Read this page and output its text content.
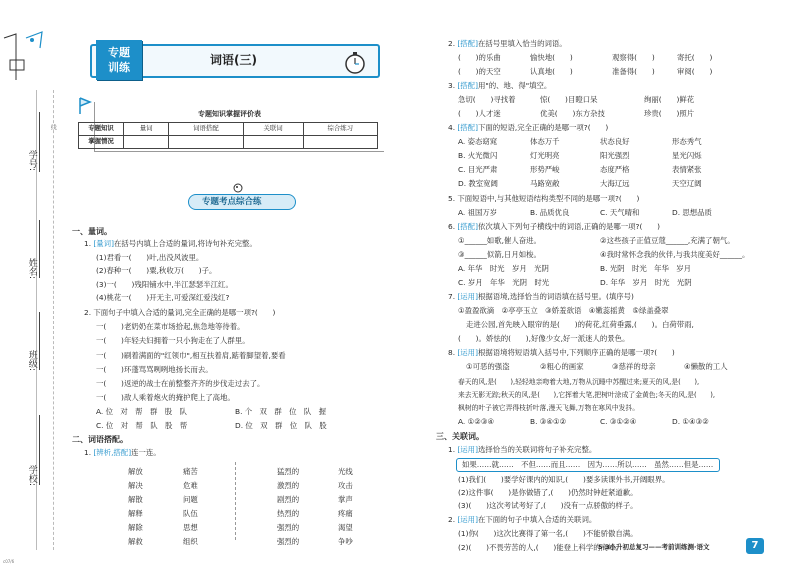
学号:
姓名:
班级:
学校:
线
c07/6
专题
训练
词语(三)
专题知识掌握评价表
专题知识	量词	词语搭配	关联词	综合练习
掌握情况				
专题考点综合练
一、量词。
1. [量词]在括号内填上合适的量词,将诗句补充完整。
(1)君看一(　　)叶,出没风波里。
(2)春种一(　　)粟,秋收万(　　)子。
(3)一(　　)残阳铺水中,半江瑟瑟半江红。
(4)桃花一(　　)开无主,可爱深红爱浅红?
2. 下面句子中填入合适的量词,完全正确的是哪一项?(　　)
一(　　)老奶奶在菜市场拾起,焦急地等待着。
一(　　)年轻夫妇拥着一只小狗走在了人群里。
一(　　)刷着满面的"红领巾",相互扶着肩,踮着脚望着,要看
一(　　)环蓬骂骂咧咧地扬长而去。
一(　　)返逆的战士在前整整齐齐的步伐走过去了。
一(　　)敌人乘着炮火的掩护爬上了高地。
A. 位　对　帮　群　股　队	B. 个　双　群　位　队　握
C. 位　对　帮　队　股　帮	D. 位　双　群　位　队　股
二、词语搭配。
1. [辨析,搭配]连一连。
解放
解决
解散
解释
解除
解救
痛苦
危难
问题
队伍
思想
组织
猛烈的
激烈的
剧烈的
热烈的
强烈的
强烈的
光线
攻击
掌声
疼痛
渴望
争吵
2. [搭配]在括号里填入恰当的词语。
(　　)的乐曲	愉快地(　　)	观察得(　　)	寄托(　　)
(　　)的天空	认真地(　　)	准备得(　　)	审阅(　　)
3. [搭配]用"的、地、得"填空。
急切(　　)寻找着	惊(　　)目瞪口呆	绚丽(　　)鲜花
(　　)人才迷	优美(　　)东方杂技	珍贵(　　)照片
4. [搭配]下面的短语,完全正确的是哪一项?(　　)
A. 姿态窈窕	体态万千	状态良好	形态秀气
B. 火光微闪	灯光明亮	阳光强烈	星光闪烁
C. 目光严肃	形势严峻	态度严格	表情紧张
D. 教室宽阔	马路宽敞	大海辽远	天空辽阔
5. 下面短语中,与其他短语结构类型不同的是哪一项?(　　)
A. 祖国万岁	B. 品质优良	C. 天气晴和	D. 思想品质
6. [搭配]依次填入下列句子横线中的词语,正确的是哪一项?(　　)
①______如歌,催人奋进。	②这些孩子正值豆蔻______,充满了朝气。
③______似箭,日月如梭。	④我时常怀念我的伙伴,与我共度美好______。
A. 年华　时光　岁月　光阴	B. 光阴　时光　年华　岁月
C. 岁月　年华　光阴　时光	D. 年华　岁月　时光　光阴
7. [运用]根据语境,选择恰当的词语填在括号里。(填序号)
①盈盈欲滴　②亭亭玉立　③娇羞欲语　④嫩蕊摇黄　⑤绿盖叠翠
走进公园,首先映入眼帘的是(　　)的荷花,红荷垂露,(　　)。白荷带雨,
(　　)。娇怯的(　　),好像少女,好一派迷人的景色。
8. [运用]根据语境将短语填入括号中,下列顺序正确的是哪一项?(　　)
①可恶的强盗	②粗心的画家	③慈祥的母亲	④懒散的工人
春天的风,是(　　),轻轻地亲吻着大地,万物从沉睡中苏醒过来;夏天的风,是(　　),
来去无影无踪;秋天的风,是(　　),它挥着大笔,把树叶涂成了金黄色;冬天的风,是(　　),
枫树的叶子被它弄得枝折叶落,漫天飞舞,万物在寒风中发抖。
A. ①②③④	B. ③④①②	C. ③①②④	D. ①④③②
三、关联词。
1. [运用]选择恰当的关联词将句子补充完整。
如果……就……　不但……而且……　因为……所以……　虽然……但是……
(1)我们(　　)要学好课内的知识,(　　)要多读课外书,开阔眼界。
(2)这件事(　　)是你做错了,(　　)仍然时钟赶紧道歉。
(3)(　　)这次考试考好了,(　　)没有一点骄傲的样子。
2. [运用]在下面的句子中填入合适的关联词。
(1)你(　　)这次比赛得了第一名,(　　)不能骄傲自满。
(2)(　　)不畏劳苦的人,(　　)能登上科学的高峰。
5·3小升初总复习——考前训练测·语文	7
